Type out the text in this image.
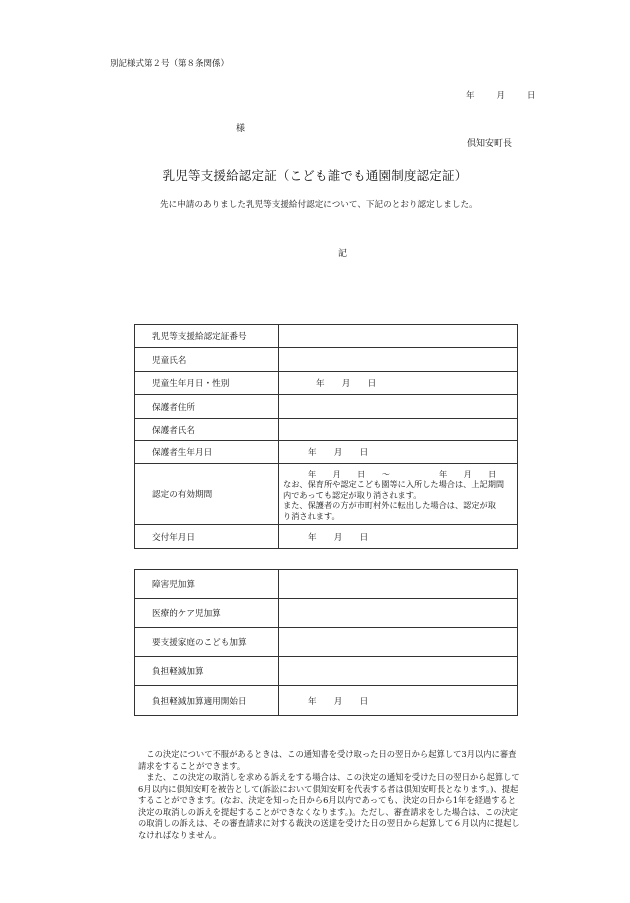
別記様式第２号（第８条関係）
年	月	日
様
倶知安町長
乳児等支援給認定証（こども誰でも通園制度認定証）
先に申請のありました乳児等支援給付認定について、下記のとおり認定しました。
記
乳児等支援給認定証番号	
児童氏名	
児童生年月日・性別	年　　月　　日
保護者住所	
保護者氏名	
保護者生年月日	年　　月　　日
認定の有効期間	年　　月　　日　　～　　　　　　年　　月　　日
なお、保育所や認定こども園等に入所した場合は、上記期間
内であっても認定が取り消されます。
また、保護者の方が市町村外に転出した場合は、認定が取
り消されます。

交付年月日	年　　月　　日
障害児加算	
医療的ケア児加算	
要支援家庭のこども加算	
負担軽減加算	
負担軽減加算適用開始日	年　　月　　日

　この決定について不服があるときは、この通知書を受け取った日の翌日から起算して3月以内に審査請求をすることができます。

　また、この決定の取消しを求める訴えをする場合は、この決定の通知を受けた日の翌日から起算して6月以内に倶知安町を被告として(訴訟において倶知安町を代表する者は倶知安町長となります。)、提起することができます。(なお、決定を知った日から6月以内であっても、決定の日から1年を経過すると決定の取消しの訴えを提起することができなくなります。)。ただし、審査請求をした場合は、この決定の取消しの訴えは、その審査請求に対する裁決の送達を受けた日の翌日から起算して６月以内に提起しなければなりません。
